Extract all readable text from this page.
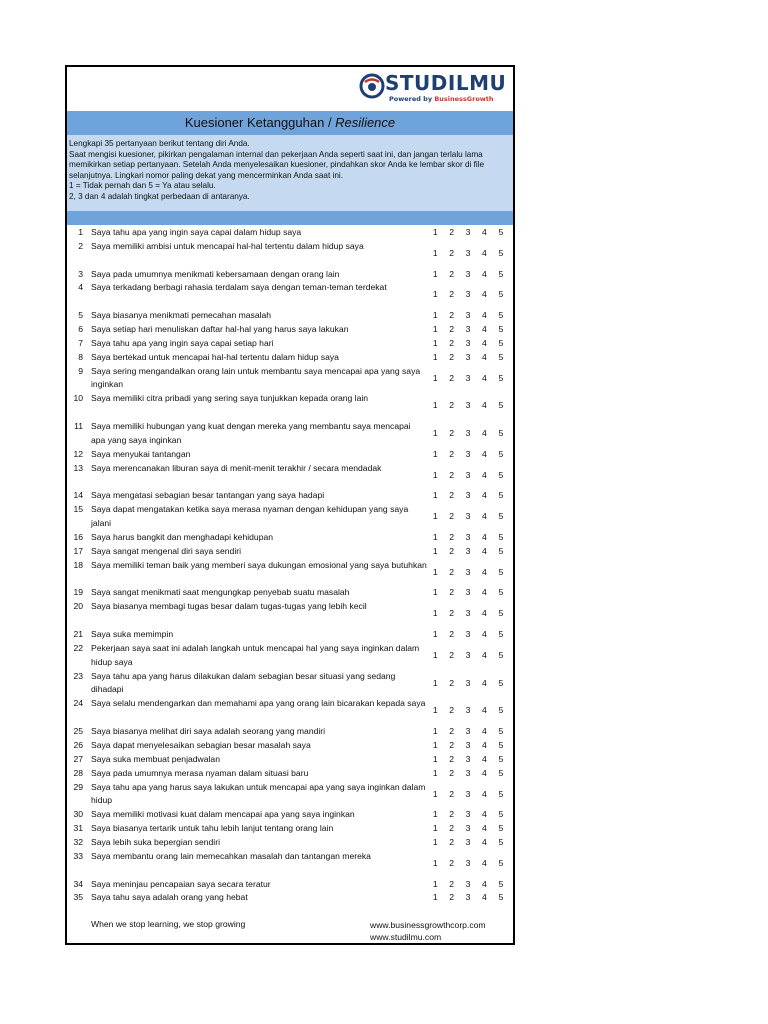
STUDILMU
Powered by BusinessGrowth
Kuesioner Ketangguhan / Resilience

Lengkapi 35 pertanyaan berikut tentang diri Anda.

Saat mengisi kuesioner, pikirkan pengalaman internal dan pekerjaan Anda seperti saat ini, dan jangan terlalu lama memikirkan setiap pertanyaan. Setelah Anda menyelesaikan kuesioner, pindahkan skor Anda ke lembar skor di file selanjutnya. Lingkari nomor paling dekat yang mencerminkan Anda saat ini.

1 = Tidak pernah dan 5 = Ya atau selalu.

2, 3 dan 4 adalah tingkat perbedaan di antaranya.

1 Saya tahu apa yang ingin saya capai dalam hidup saya	1	2	3	4	5
2 Saya memiliki ambisi untuk mencapai hal-hal tertentu dalam hidup saya
1	2	3	4	5
3 Saya pada umumnya menikmati kebersamaan dengan orang lain	1	2	3	4	5
4 Saya terkadang berbagi rahasia terdalam saya dengan teman-teman terdekat
1	2	3	4	5
5 Saya biasanya menikmati pemecahan masalah	1	2	3	4	5
6 Saya setiap hari menuliskan daftar hal-hal yang harus saya lakukan	1	2	3	4	5
7 Saya tahu apa yang ingin saya capai setiap hari	1	2	3	4	5
8 Saya bertekad untuk mencapai hal-hal tertentu dalam hidup saya	1	2	3	4	5
9 Saya sering mengandalkan orang lain untuk membantu saya mencapai apa yang saya inginkan
1	2	3	4	5
10 Saya memiliki citra pribadi yang sering saya tunjukkan kepada orang lain
1	2	3	4	5
11 Saya memiliki hubungan yang kuat dengan mereka yang membantu saya mencapai apa yang saya inginkan
1	2	3	4	5
12 Saya menyukai tantangan	1	2	3	4	5
13 Saya merencanakan liburan saya di menit-menit terakhir / secara mendadak
1	2	3	4	5
14 Saya mengatasi sebagian besar tantangan yang saya hadapi	1	2	3	4	5
15 Saya dapat mengatakan ketika saya merasa nyaman dengan kehidupan yang saya jalani
1	2	3	4	5
16 Saya harus bangkit dan menghadapi kehidupan	1	2	3	4	5
17 Saya sangat mengenal diri saya sendiri	1	2	3	4	5
18 Saya memiliki teman baik yang memberi saya dukungan emosional yang saya butuhkan
1	2	3	4	5
19 Saya sangat menikmati saat mengungkap penyebab suatu masalah	1	2	3	4	5
20 Saya biasanya membagi tugas besar dalam tugas-tugas yang lebih kecil
1	2	3	4	5
21 Saya suka memimpin	1	2	3	4	5
22 Pekerjaan saya saat ini adalah langkah untuk mencapai hal yang saya inginkan dalam hidup saya
1	2	3	4	5
23 Saya tahu apa yang harus dilakukan dalam sebagian besar situasi yang sedang dihadapi
1	2	3	4	5
24 Saya selalu mendengarkan dan memahami apa yang orang lain bicarakan kepada saya
1	2	3	4	5
25 Saya biasanya melihat diri saya adalah seorang yang mandiri	1	2	3	4	5
26 Saya dapat menyelesaikan sebagian besar masalah saya	1	2	3	4	5
27 Saya suka membuat penjadwalan	1	2	3	4	5
28 Saya pada umumnya merasa nyaman dalam situasi baru	1	2	3	4	5
29 Saya tahu apa yang harus saya lakukan untuk mencapai apa yang saya inginkan dalam hidup
1	2	3	4	5
30 Saya memiliki motivasi kuat dalam mencapai apa yang saya inginkan	1	2	3	4	5
31 Saya biasanya tertarik untuk tahu lebih lanjut tentang orang lain	1	2	3	4	5
32 Saya lebih suka bepergian sendiri	1	2	3	4	5
33 Saya membantu orang lain memecahkan masalah dan tantangan mereka
1	2	3	4	5
34 Saya meninjau pencapaian saya secara teratur	1	2	3	4	5
35 Saya tahu saya adalah orang yang hebat	1	2	3	4	5
When we stop learning, we stop growing	www.businessgrowthcorp.com
www.studilmu.com
